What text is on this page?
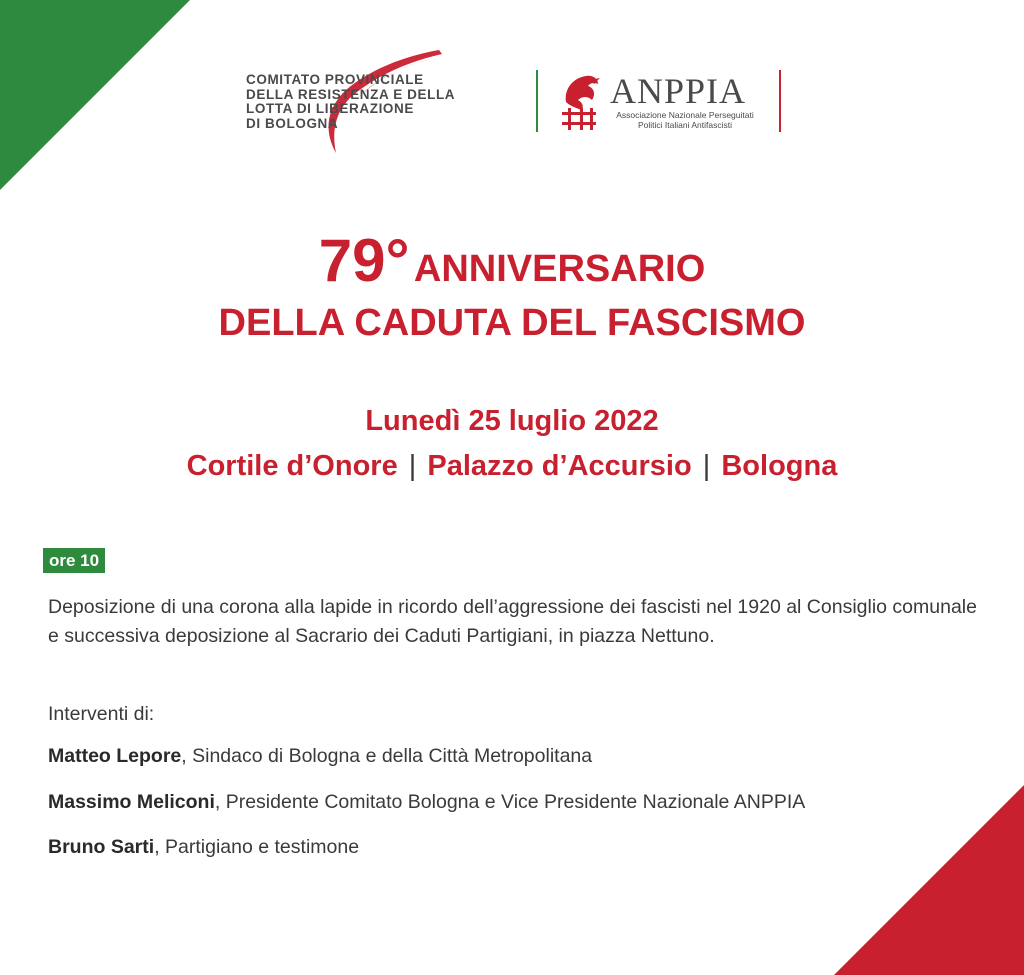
COMITATO PROVINCIALE
DELLA RESISTENZA E DELLA
LOTTA DI LIBERAZIONE
DI BOLOGNA
ANPPIA
Associazione Nazionale Perseguitati
Politici Italiani Antifascisti
79° ANNIVERSARIO
DELLA CADUTA DEL FASCISMO
Lunedì 25 luglio 2022
Cortile d’Onore | Palazzo d’Accursio | Bologna
ore 10
Deposizione di una corona alla lapide in ricordo dell’aggressione dei fascisti nel 1920 al Consiglio comunale e successiva deposizione al Sacrario dei Caduti Partigiani, in piazza Nettuno.
Interventi di:
Matteo Lepore, Sindaco di Bologna e della Città Metropolitana
Massimo Meliconi, Presidente Comitato Bologna e Vice Presidente Nazionale ANPPIA
Bruno Sarti, Partigiano e testimone
